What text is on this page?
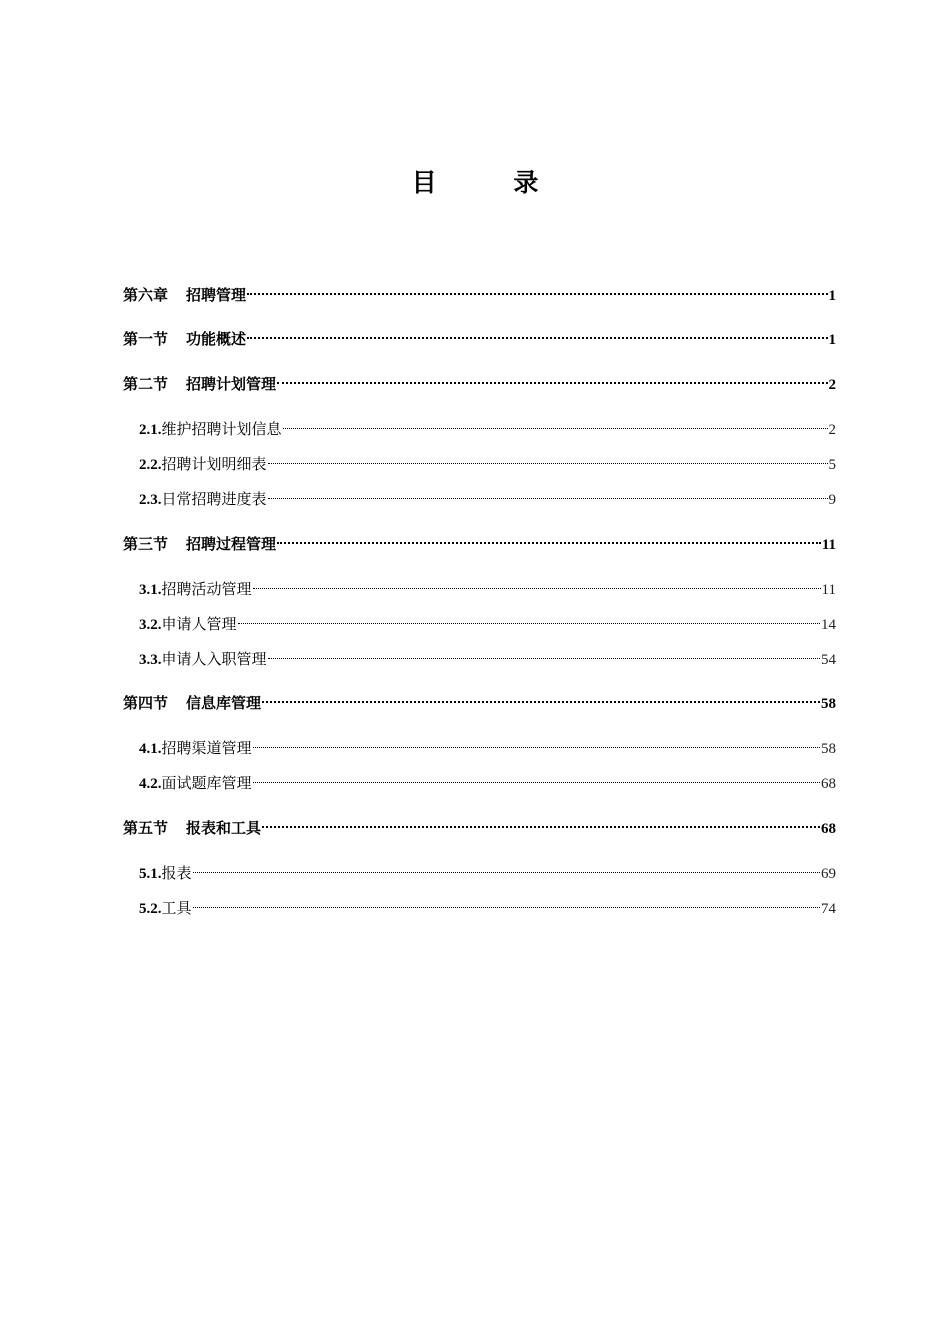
目 录
第六章 招聘管理	1
第一节 功能概述	1
第二节 招聘计划管理	2
2.1. 维护招聘计划信息	2
2.2. 招聘计划明细表	5
2.3. 日常招聘进度表	9
第三节 招聘过程管理	11
3.1. 招聘活动管理	11
3.2. 申请人管理	14
3.3. 申请人入职管理	54
第四节 信息库管理	58
4.1. 招聘渠道管理	58
4.2. 面试题库管理	68
第五节 报表和工具	68
5.1. 报表	69
5.2. 工具	74
